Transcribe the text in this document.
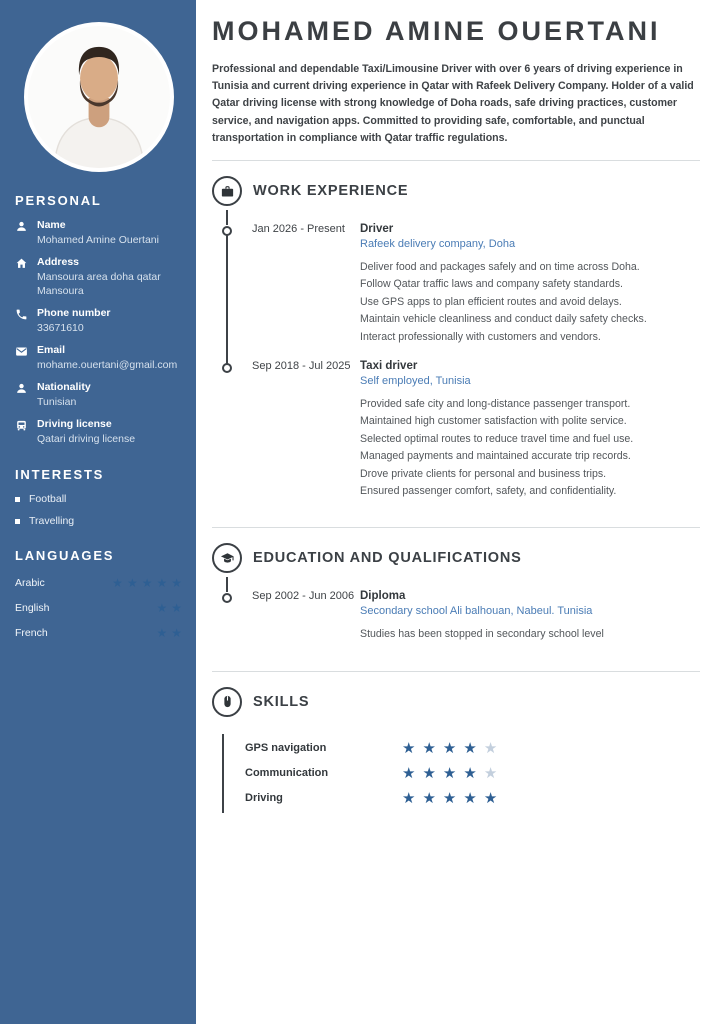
PERSONAL
Name
Mohamed Amine Ouertani
Address
Mansoura area doha qatar
Mansoura
Phone number
33671610
Email
mohame.ouertani@gmail.com
Nationality
Tunisian
Driving license
Qatari driving license
INTERESTS
Football
Travelling
LANGUAGES
Arabic	★ ★ ★ ★ ★
English	★ ★
French	★ ★
MOHAMED AMINE OUERTANI

Professional and dependable Taxi/Limousine Driver with over 6 years of driving experience in Tunisia and current driving experience in Qatar with Rafeek Delivery Company. Holder of a valid Qatar driving license with strong knowledge of Doha roads, safe driving practices, customer service, and navigation apps. Committed to providing safe, comfortable, and punctual transportation in compliance with Qatar traffic regulations.

WORK EXPERIENCE
Jan 2026 - Present	Driver
Rafeek delivery company, Doha
Deliver food and packages safely and on time across Doha.
Follow Qatar traffic laws and company safety standards.
Use GPS apps to plan efficient routes and avoid delays.
Maintain vehicle cleanliness and conduct daily safety checks.
Interact professionally with customers and vendors.
Sep 2018 - Jul 2025 Taxi driver
Self employed, Tunisia
Provided safe city and long-distance passenger transport.
Maintained high customer satisfaction with polite service.
Selected optimal routes to reduce travel time and fuel use.
Managed payments and maintained accurate trip records.
Drove private clients for personal and business trips.
Ensured passenger comfort, safety, and confidentiality.
EDUCATION AND QUALIFICATIONS
Sep 2002 - Jun 2006 Diploma
Secondary school Ali balhouan, Nabeul. Tunisia
Studies has been stopped in secondary school level
SKILLS
GPS navigation	★ ★ ★ ★ ★
Communication	★ ★ ★ ★ ★
Driving	★ ★ ★ ★ ★
